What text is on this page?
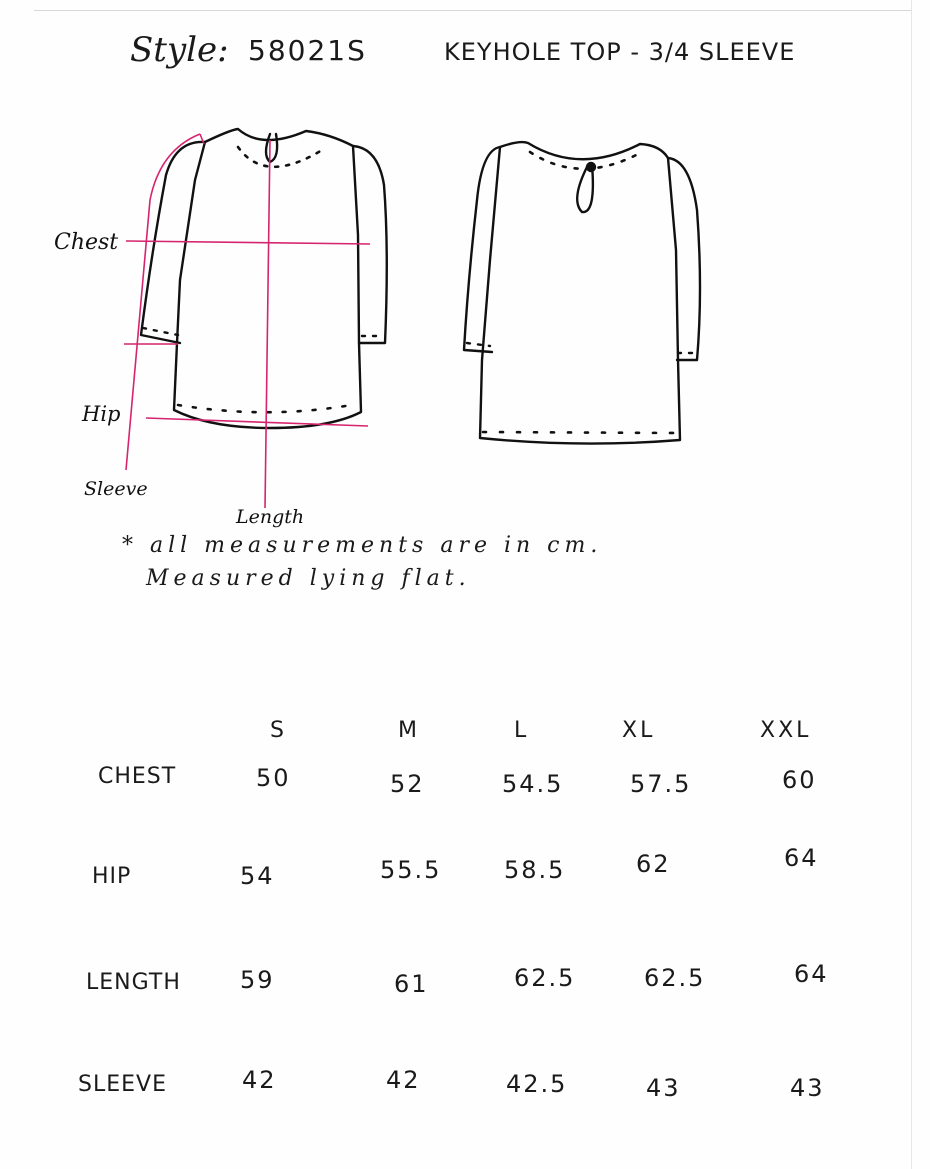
Style: 58021S	KEYHOLE TOP - 3/4 SLEEVE
Chest
Hip
Sleeve
Length
* all measurements are in cm.
Measured lying flat.
S	M	L	XL	XXL
CHEST	50	52	54.5	57.5	60
HIP	54	55.5	58.5	62	64
LENGTH 59	61	62.5	62.5	64
SLEEVE	42	42	42.5	43	43
